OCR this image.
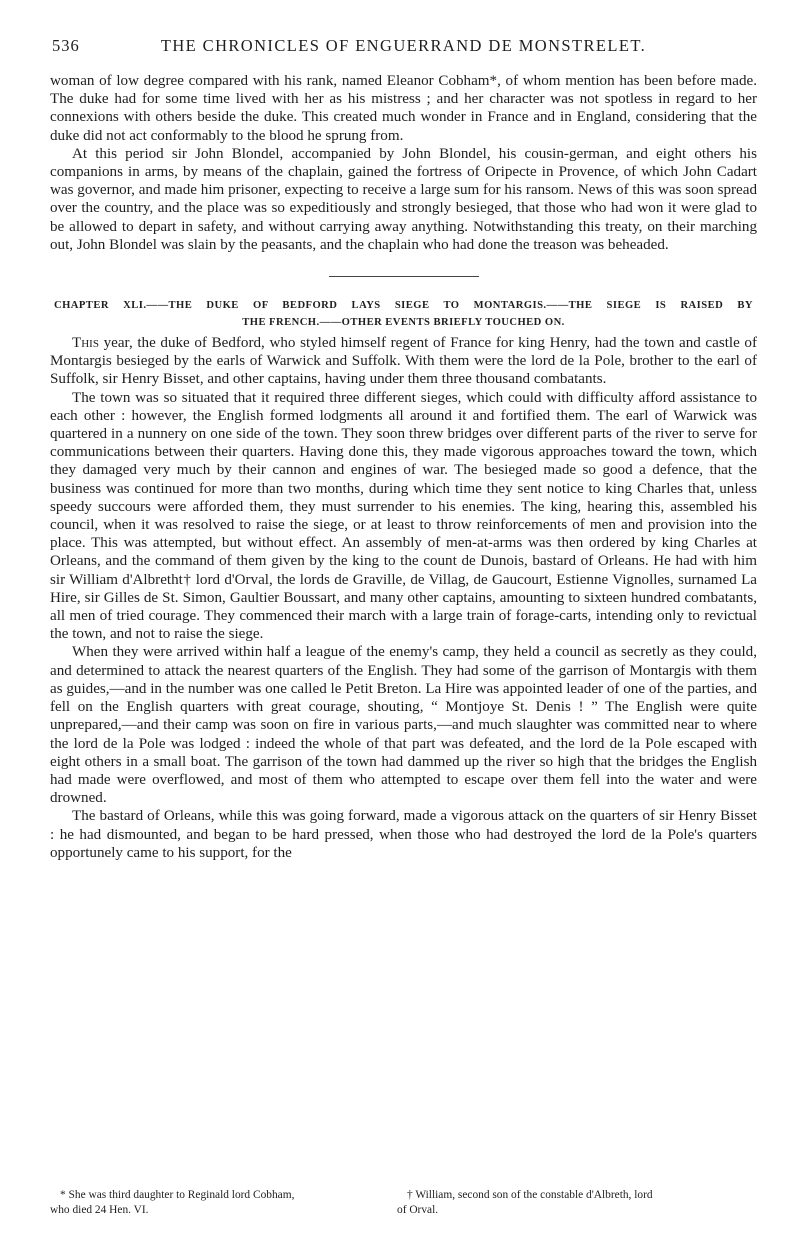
536	THE CHRONICLES OF ENGUERRAND DE MONSTRELET.

woman of low degree compared with his rank, named Eleanor Cobham*, of whom mention has been before made. The duke had for some time lived with her as his mistress ; and her character was not spotless in regard to her connexions with others beside the duke. This created much wonder in France and in England, considering that the duke did not act conformably to the blood he sprung from.

At this period sir John Blondel, accompanied by John Blondel, his cousin-german, and eight others his companions in arms, by means of the chaplain, gained the fortress of Oripecte in Provence, of which John Cadart was governor, and made him prisoner, expecting to receive a large sum for his ransom. News of this was soon spread over the country, and the place was so expeditiously and strongly besieged, that those who had won it were glad to be allowed to depart in safety, and without carrying away anything. Notwithstanding this treaty, on their marching out, John Blondel was slain by the peasants, and the chaplain who had done the treason was beheaded.

CHAPTER XLI.——THE DUKE OF BEDFORD LAYS SIEGE TO MONTARGIS.——THE SIEGE IS RAISED BY
THE FRENCH.——OTHER EVENTS BRIEFLY TOUCHED ON.

This year, the duke of Bedford, who styled himself regent of France for king Henry, had the town and castle of Montargis besieged by the earls of Warwick and Suffolk. With them were the lord de la Pole, brother to the earl of Suffolk, sir Henry Bisset, and other captains, having under them three thousand combatants.

The town was so situated that it required three different sieges, which could with difficulty afford assistance to each other : however, the English formed lodgments all around it and fortified them. The earl of Warwick was quartered in a nunnery on one side of the town. They soon threw bridges over different parts of the river to serve for communications between their quarters. Having done this, they made vigorous approaches toward the town, which they damaged very much by their cannon and engines of war. The besieged made so good a defence, that the business was continued for more than two months, during which time they sent notice to king Charles that, unless speedy succours were afforded them, they must surrender to his enemies. The king, hearing this, assembled his council, when it was resolved to raise the siege, or at least to throw reinforcements of men and provision into the place. This was attempted, but without effect. An assembly of men-at-arms was then ordered by king Charles at Orleans, and the command of them given by the king to the count de Dunois, bastard of Orleans. He had with him sir William d'Albretht† lord d'Orval, the lords de Graville, de Villag, de Gaucourt, Estienne Vignolles, surnamed La Hire, sir Gilles de St. Simon, Gaultier Boussart, and many other captains, amounting to sixteen hundred combatants, all men of tried courage. They commenced their march with a large train of forage-carts, intending only to revictual the town, and not to raise the siege.

When they were arrived within half a league of the enemy's camp, they held a council as secretly as they could, and determined to attack the nearest quarters of the English. They had some of the garrison of Montargis with them as guides,—and in the number was one called le Petit Breton. La Hire was appointed leader of one of the parties, and fell on the English quarters with great courage, shouting, “ Montjoye St. Denis ! ” The English were quite unprepared,—and their camp was soon on fire in various parts,—and much slaughter was committed near to where the lord de la Pole was lodged : indeed the whole of that part was defeated, and the lord de la Pole escaped with eight others in a small boat. The garrison of the town had dammed up the river so high that the bridges the English had made were overflowed, and most of them who attempted to escape over them fell into the water and were drowned.

The bastard of Orleans, while this was going forward, made a vigorous attack on the quarters of sir Henry Bisset : he had dismounted, and began to be hard pressed, when those who had destroyed the lord de la Pole's quarters opportunely came to his support, for the

* She was third daughter to Reginald lord Cobham,
who died 24 Hen. VI.
† William, second son of the constable d'Albreth, lord
of Orval.
